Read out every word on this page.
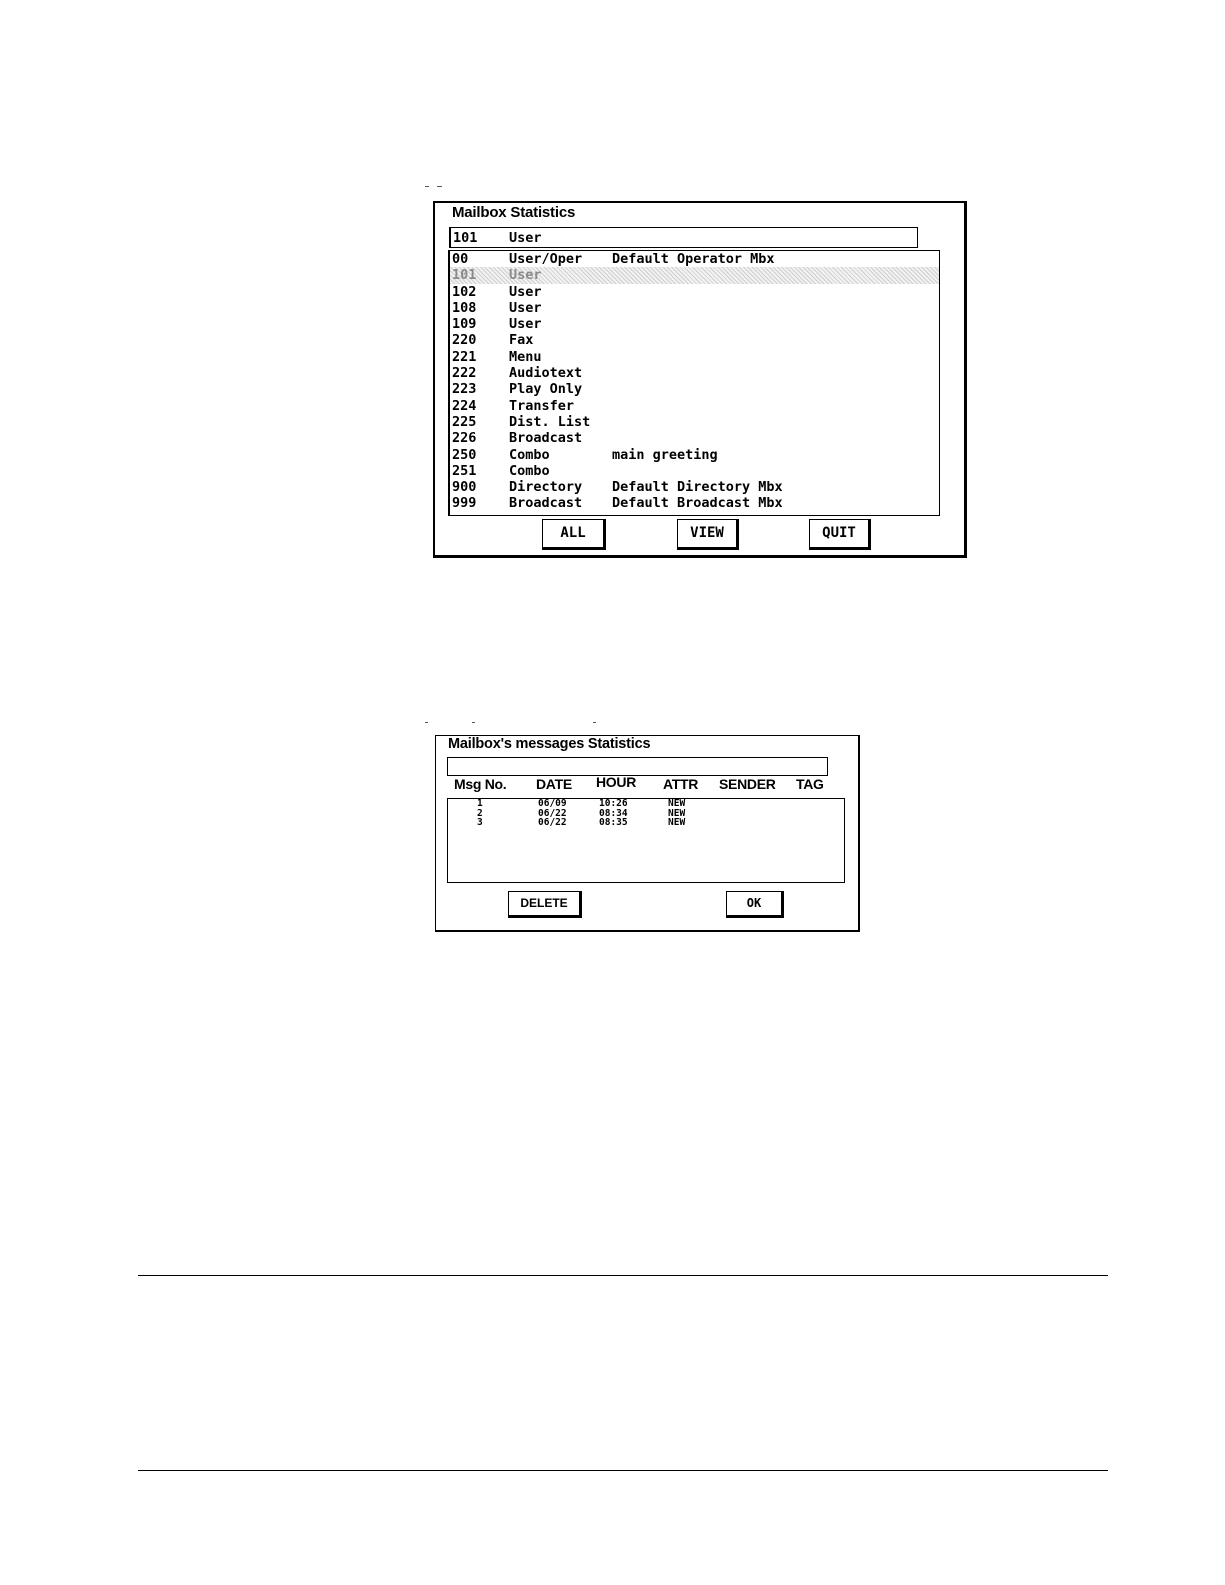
Mailbox Statistics

101

User

00	User/Oper Default Operator Mbx
101 User
102 User
108 User
109 User
220 Fax
221 Menu
222 Audiotext
223 Play Only
224 Transfer
225 Dist. List
226 Broadcast
250 Combo	main greeting
251 Combo
900 Directory Default Directory Mbx
999 Broadcast Default Broadcast Mbx
ALL	VIEW	QUIT
Mailbox's messages Statistics
Msg No. DATE HOUR ATTR SENDER TAG
1	06/09	10:26	NEW
2	06/22	08:34	NEW
3	06/22	08:35	NEW
DELETE	OK
